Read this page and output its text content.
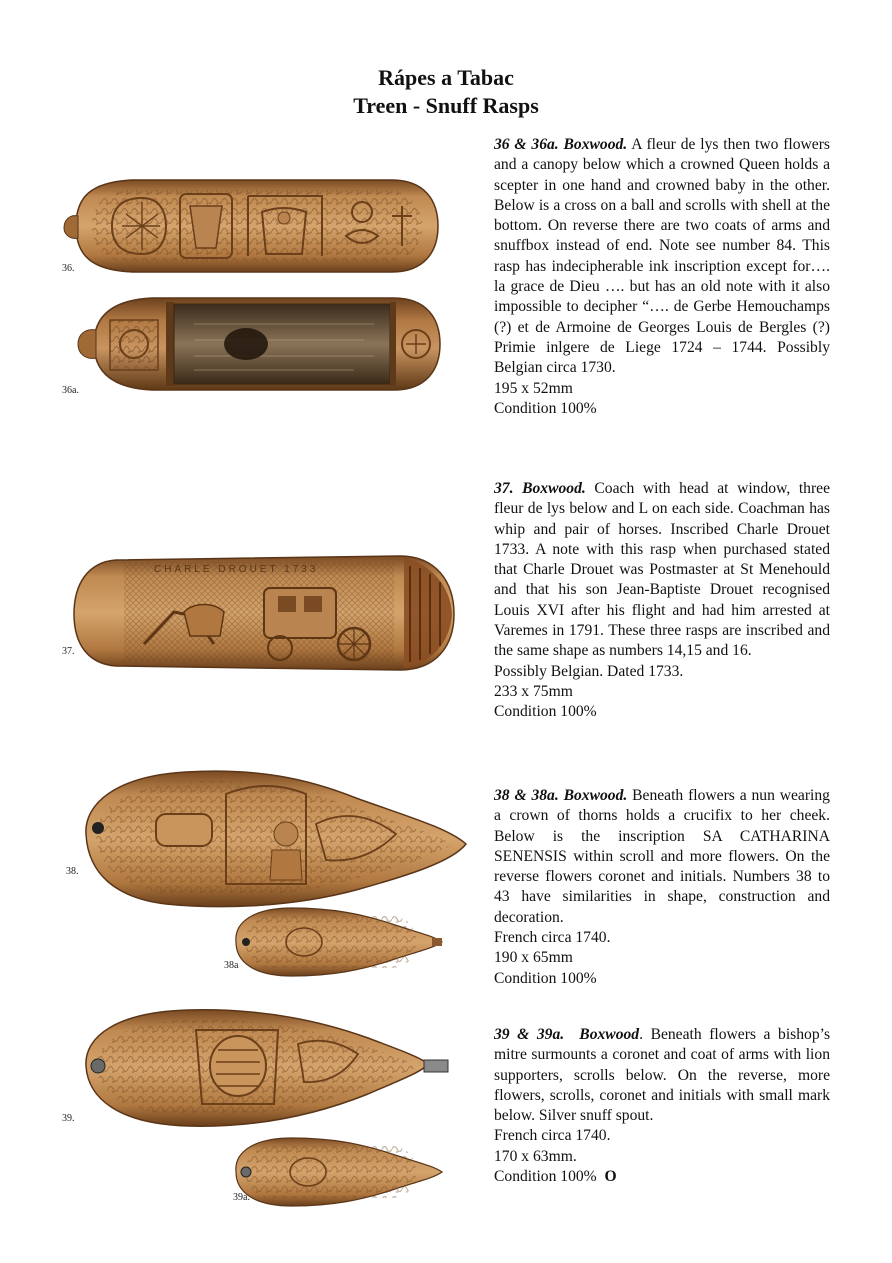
Rápes a Tabac
Treen - Snuff Rasps
36.
36a.
CHARLE DROUET 1733
37.
38.
38a
39.
39a.

36 & 36a. Boxwood. A fleur de lys then two flowers and a canopy below which a crowned Queen holds a scepter in one hand and crowned baby in the other. Below is a cross on a ball and scrolls with shell at the bottom. On reverse there are two coats of arms and snuffbox instead of end. Note see number 84. This rasp has indecipherable ink inscription except for…. la grace de Dieu …. but has an old note with it also impossible to decipher “…. de Gerbe Hemouchamps (?) et de Armoine de Georges Louis de Bergles (?) Primie inlgere de Liege 1724 – 1744. Possibly Belgian circa 1730.

195 x 52mm

Condition 100%

37. Boxwood. Coach with head at window, three fleur de lys below and L on each side. Coachman has whip and pair of horses. Inscribed Charle Drouet 1733. A note with this rasp when purchased stated that Charle Drouet was Postmaster at St Menehould and that his son Jean-Baptiste Drouet recognised Louis XVI after his flight and had him arrested at Varemes in 1791. These three rasps are inscribed and the same shape as numbers 14,15 and 16.

Possibly Belgian. Dated 1733.

233 x 75mm

Condition 100%

38 & 38a. Boxwood. Beneath flowers a nun wearing a crown of thorns holds a crucifix to her cheek. Below is the inscription SA CATHARINA SENENSIS within scroll and more flowers. On the reverse flowers coronet and initials. Numbers 38 to 43 have similarities in shape, construction and decoration.

French circa 1740.

190 x 65mm

Condition 100%

39 & 39a. Boxwood. Beneath flowers a bishop’s mitre surmounts a coronet and coat of arms with lion supporters, scrolls below. On the reverse, more flowers, scrolls, coronet and initials with small mark below. Silver snuff spout.

French circa 1740.

170 x 63mm.

Condition 100% O
